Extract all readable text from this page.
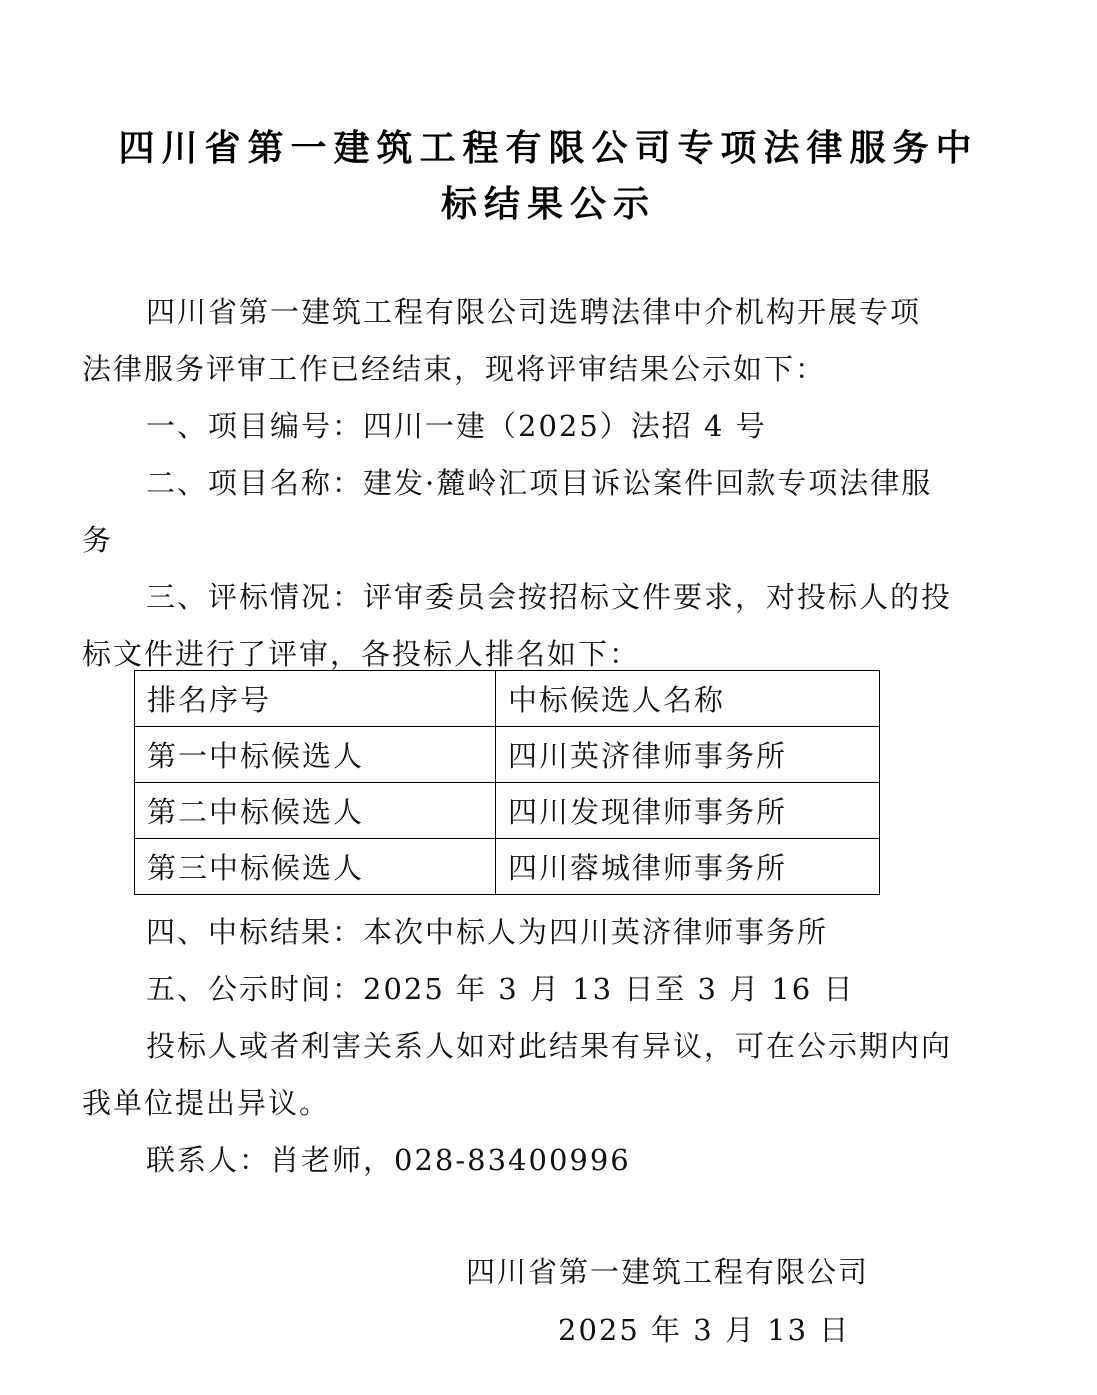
四川省第一建筑工程有限公司专项法律服务中
标结果公示
四川省第一建筑工程有限公司选聘法律中介机构开展专项
法律服务评审工作已经结束，现将评审结果公示如下：
一、项目编号：四川一建（2025）法招 4 号
二、项目名称：建发·麓岭汇项目诉讼案件回款专项法律服
务
三、评标情况：评审委员会按招标文件要求，对投标人的投
标文件进行了评审，各投标人排名如下：
排名序号	中标候选人名称
第一中标候选人	四川英济律师事务所
第二中标候选人	四川发现律师事务所
第三中标候选人	四川蓉城律师事务所
四、中标结果：本次中标人为四川英济律师事务所
五、公示时间：2025 年 3 月 13 日至 3 月 16 日
投标人或者利害关系人如对此结果有异议，可在公示期内向
我单位提出异议。
联系人：肖老师，028-83400996
四川省第一建筑工程有限公司
2025 年 3 月 13 日
